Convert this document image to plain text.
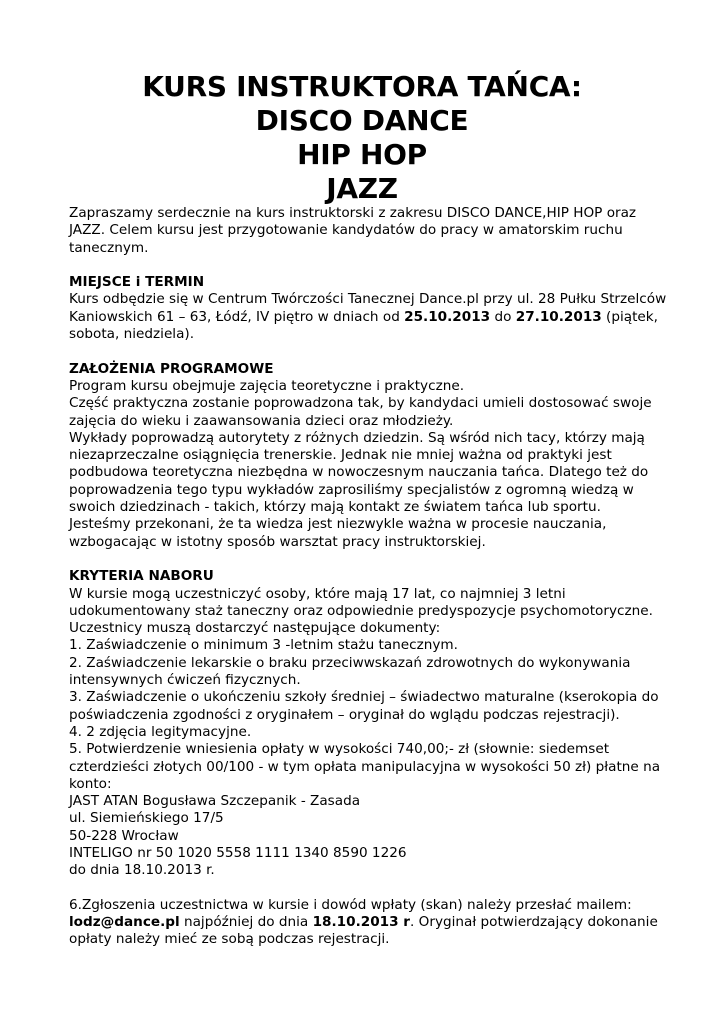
KURS INSTRUKTORA TAŃCA:
DISCO DANCE
HIP HOP
JAZZ
Zapraszamy serdecznie na kurs instruktorski z zakresu DISCO DANCE,HIP HOP oraz
JAZZ. Celem kursu jest przygotowanie kandydatów do pracy w amatorskim ruchu
tanecznym.
MIEJSCE i TERMIN
Kurs odbędzie się w Centrum Twórczości Tanecznej Dance.pl przy ul. 28 Pułku Strzelców
Kaniowskich 61 – 63, Łódź, IV piętro w dniach od 25.10.2013 do 27.10.2013 (piątek,
sobota, niedziela).
ZAŁOŻENIA PROGRAMOWE
Program kursu obejmuje zajęcia teoretyczne i praktyczne.
Część praktyczna zostanie poprowadzona tak, by kandydaci umieli dostosować swoje
zajęcia do wieku i zaawansowania dzieci oraz młodzieży.
Wykłady poprowadzą autorytety z różnych dziedzin. Są wśród nich tacy, którzy mają
niezaprzeczalne osiągnięcia trenerskie. Jednak nie mniej ważna od praktyki jest
podbudowa teoretyczna niezbędna w nowoczesnym nauczania tańca. Dlatego też do
poprowadzenia tego typu wykładów zaprosiliśmy specjalistów z ogromną wiedzą w
swoich dziedzinach - takich, którzy mają kontakt ze światem tańca lub sportu.
Jesteśmy przekonani, że ta wiedza jest niezwykle ważna w procesie nauczania,
wzbogacając w istotny sposób warsztat pracy instruktorskiej.
KRYTERIA NABORU
W kursie mogą uczestniczyć osoby, które mają 17 lat, co najmniej 3 letni
udokumentowany staż taneczny oraz odpowiednie predyspozycje psychomotoryczne.
Uczestnicy muszą dostarczyć następujące dokumenty:
1. Zaświadczenie o minimum 3 -letnim stażu tanecznym.
2. Zaświadczenie lekarskie o braku przeciwwskazań zdrowotnych do wykonywania
intensywnych ćwiczeń fizycznych.
3. Zaświadczenie o ukończeniu szkoły średniej – świadectwo maturalne (kserokopia do
poświadczenia zgodności z oryginałem – oryginał do wglądu podczas rejestracji).
4. 2 zdjęcia legitymacyjne.
5. Potwierdzenie wniesienia opłaty w wysokości 740,00;- zł (słownie: siedemset
czterdzieści złotych 00/100 - w tym opłata manipulacyjna w wysokości 50 zł) płatne na
konto:
JAST ATAN Bogusława Szczepanik - Zasada
ul. Siemieńskiego 17/5
50-228 Wrocław
INTELIGO nr 50 1020 5558 1111 1340 8590 1226
do dnia 18.10.2013 r.
6.Zgłoszenia uczestnictwa w kursie i dowód wpłaty (skan) należy przesłać mailem:
lodz@dance.pl najpóźniej do dnia 18.10.2013 r. Oryginał potwierdzający dokonanie
opłaty należy mieć ze sobą podczas rejestracji.
